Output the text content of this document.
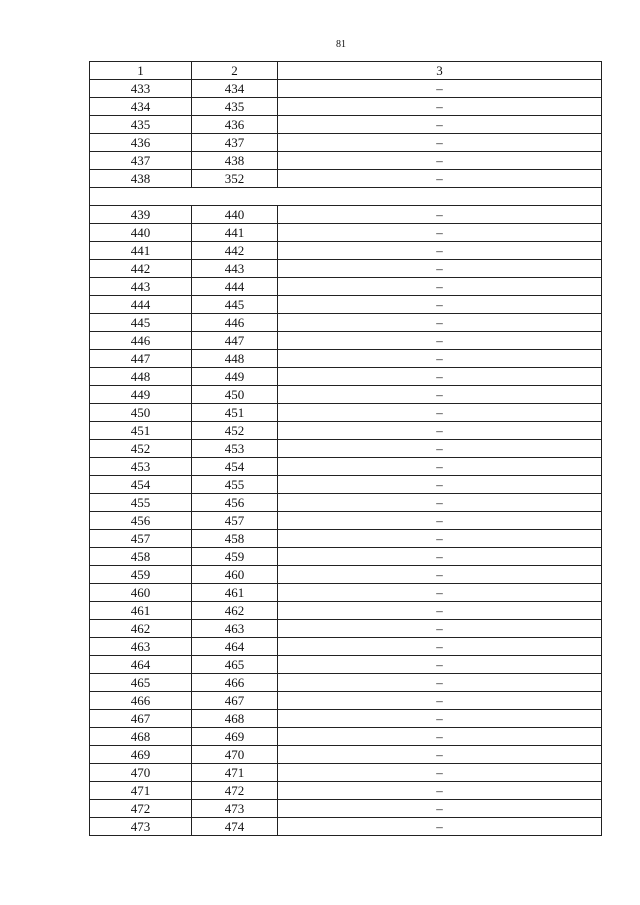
81
1	2	3
433	434	–
434	435	–
435	436	–
436	437	–
437	438	–
438	352	–

439	440	–
440	441	–
441	442	–
442	443	–
443	444	–
444	445	–
445	446	–
446	447	–
447	448	–
448	449	–
449	450	–
450	451	–
451	452	–
452	453	–
453	454	–
454	455	–
455	456	–
456	457	–
457	458	–
458	459	–
459	460	–
460	461	–
461	462	–
462	463	–
463	464	–
464	465	–
465	466	–
466	467	–
467	468	–
468	469	–
469	470	–
470	471	–
471	472	–
472	473	–
473	474	–
